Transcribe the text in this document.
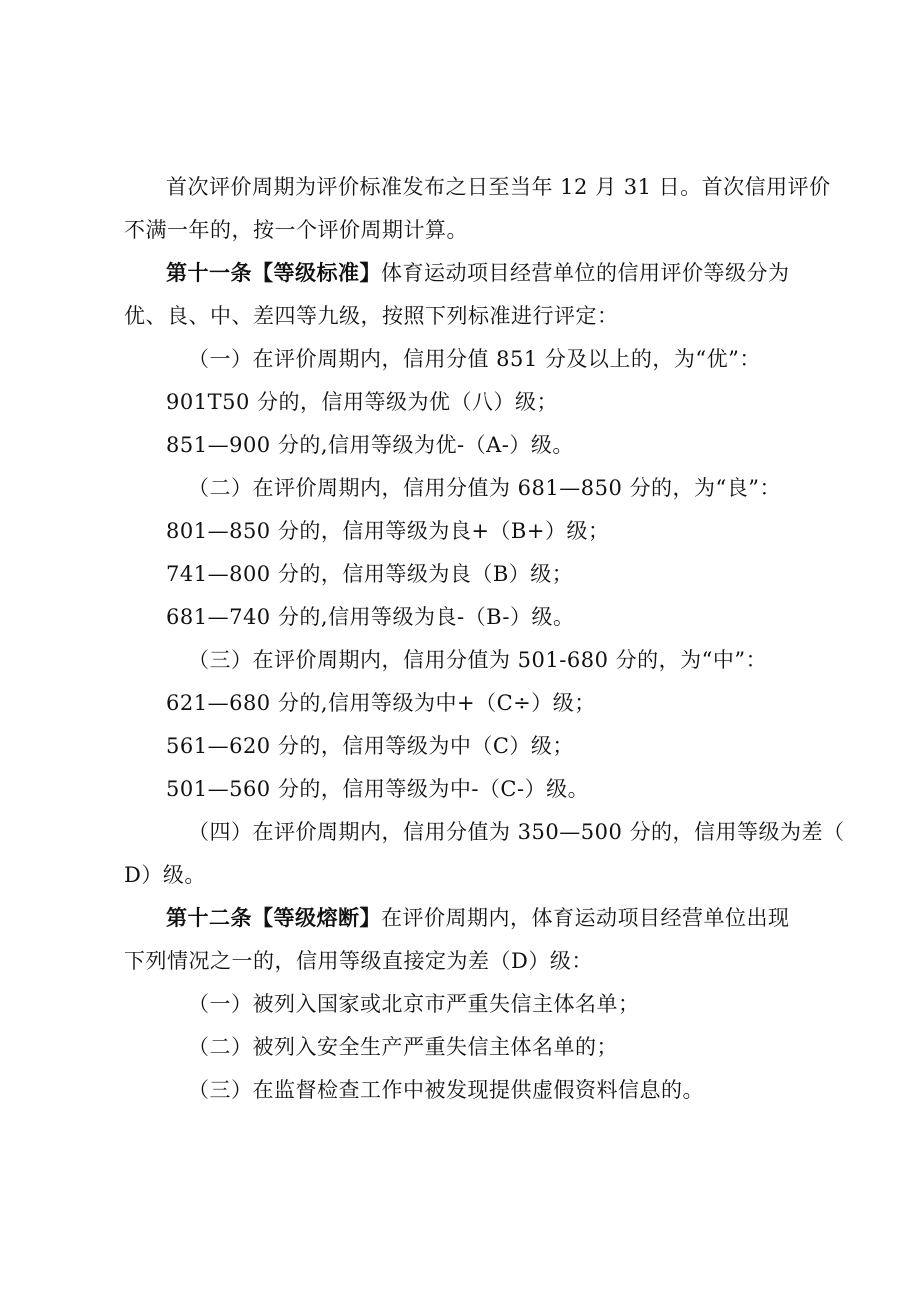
首次评价周期为评价标准发布之日至当年 12 月 31 日。首次信用评价
不满一年的，按一个评价周期计算。
第十一条【等级标准】体育运动项目经营单位的信用评价等级分为
优、良、中、差四等九级，按照下列标准进行评定：
（一）在评价周期内，信用分值 851 分及以上的，为“优”：
901T50 分的，信用等级为优（八）级；
851—900 分的,信用等级为优-（A-）级。
（二）在评价周期内，信用分值为 681—850 分的，为“良”：
801—850 分的，信用等级为良+（B+）级；
741—800 分的，信用等级为良（B）级；
681—740 分的,信用等级为良-（B-）级。
（三）在评价周期内，信用分值为 501-680 分的，为“中”：
621—680 分的,信用等级为中+（C÷）级；
561—620 分的，信用等级为中（C）级；
501—560 分的，信用等级为中-（C-）级。
（四）在评价周期内，信用分值为 350—500 分的，信用等级为差（
D）级。
第十二条【等级熔断】在评价周期内，体育运动项目经营单位出现
下列情况之一的，信用等级直接定为差（D）级：
（一）被列入国家或北京市严重失信主体名单；
（二）被列入安全生产严重失信主体名单的；
（三）在监督检查工作中被发现提供虚假资料信息的。
